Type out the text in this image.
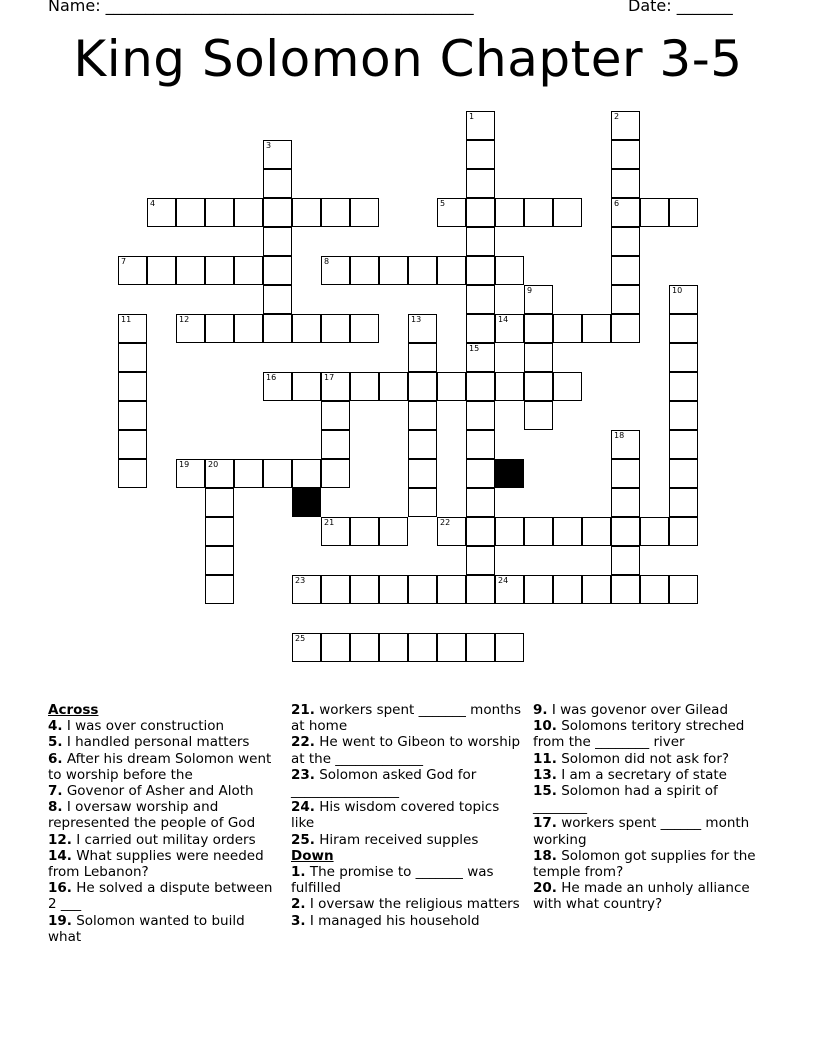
Name: ______________________________________________	Date: _______
King Solomon Chapter 3-5
1
15
2
6
3
4	5
7	8
9	10
11	12	13	14
16	17
18
19 20
21	22
23	24
25
Across
4. I was over construction
5. I handled personal matters
6. After his dream Solomon went to worship before the
7. Govenor of Asher and Aloth
8. I oversaw worship and represented the people of God
12. I carried out militay orders
14. What supplies were needed from Lebanon?
16. He solved a dispute between 2 ___
19. Solomon wanted to build what
21. workers spent _______ months at home
22. He went to Gibeon to worship at the _____________
23. Solomon asked God for ________________
24. His wisdom covered topics like
25. Hiram received supples
Down
1. The promise to _______ was fulfilled
2. I oversaw the religious matters
3. I managed his household
9. I was govenor over Gilead
10. Solomons teritory streched from the ________ river
11. Solomon did not ask for?
13. I am a secretary of state
15. Solomon had a spirit of ________
17. workers spent ______ month working
18. Solomon got supplies for the temple from?
20. He made an unholy alliance with what country?
